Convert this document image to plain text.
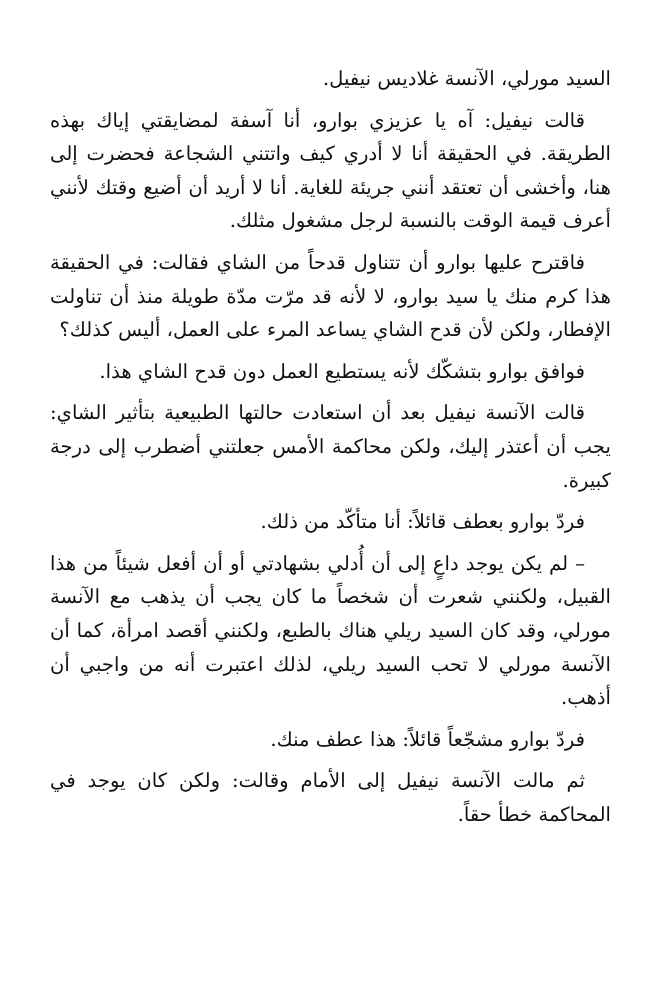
السيد مورلي، الآنسة غلاديس نيفيل.

قالت نيفيل: آه يا عزيزي بوارو، أنا آسفة لمضايقتي إياك بهذه الطريقة. في الحقيقة أنا لا أدري كيف واتتني الشجاعة فحضرت إلى هنا، وأخشى أن تعتقد أنني جريئة للغاية. أنا لا أريد أن أضيع وقتك لأنني أعرف قيمة الوقت بالنسبة لرجل مشغول مثلك.

فاقترح عليها بوارو أن تتناول قدحاً من الشاي فقالت: في الحقيقة هذا كرم منك يا سيد بوارو، لا لأنه قد مرّت مدّة طويلة منذ أن تناولت الإفطار، ولكن لأن قدح الشاي يساعد المرء على العمل، أليس كذلك؟

فوافق بوارو بتشكّك لأنه يستطيع العمل دون قدح الشاي هذا.

قالت الآنسة نيفيل بعد أن استعادت حالتها الطبيعية بتأثير الشاي: يجب أن أعتذر إليك، ولكن محاكمة الأمس جعلتني أضطرب إلى درجة كبيرة.

فردّ بوارو بعطف قائلاً: أنا متأكّد من ذلك.

– لم يكن يوجد داعٍ إلى أن أُدلي بشهادتي أو أن أفعل شيئاً من هذا القبيل، ولكنني شعرت أن شخصاً ما كان يجب أن يذهب مع الآنسة مورلي، وقد كان السيد ريلي هناك بالطبع، ولكنني أقصد امرأة، كما أن الآنسة مورلي لا تحب السيد ريلي، لذلك اعتبرت أنه من واجبي أن أذهب.

فردّ بوارو مشجّعاً قائلاً: هذا عطف منك.

ثم مالت الآنسة نيفيل إلى الأمام وقالت: ولكن كان يوجد في المحاكمة خطأ حقاً.
